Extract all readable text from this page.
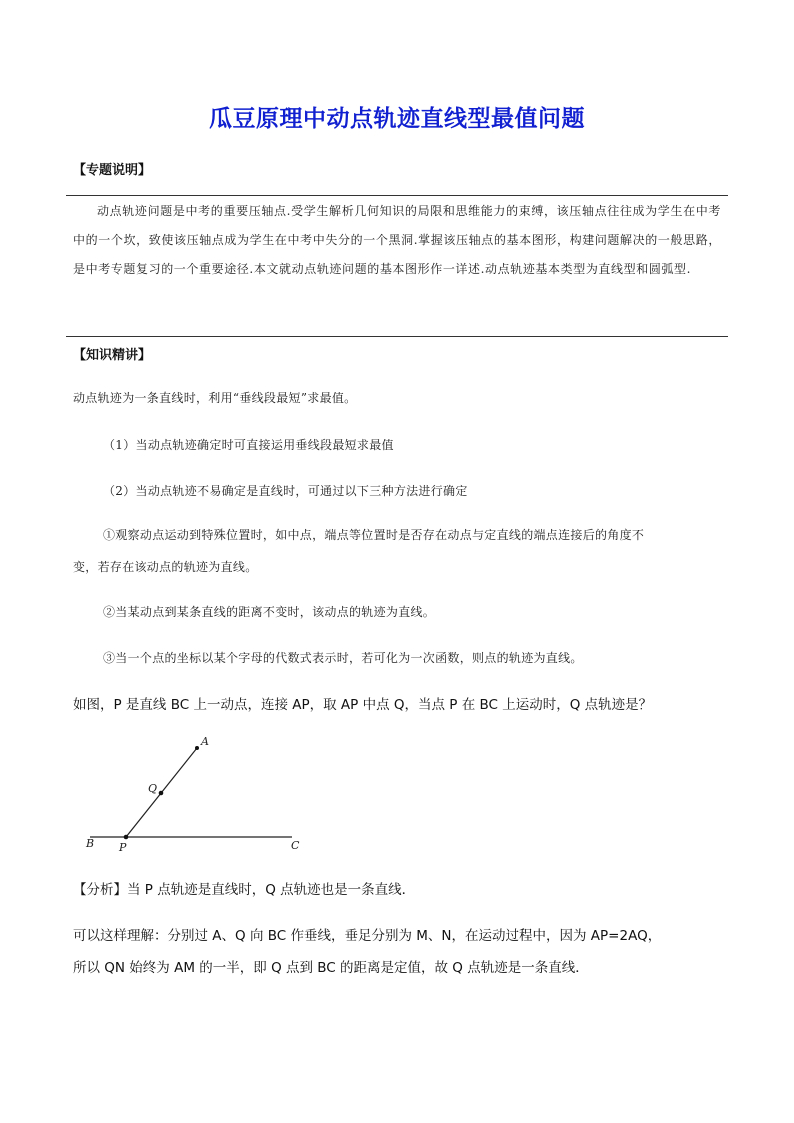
瓜豆原理中动点轨迹直线型最值问题
【专题说明】
动点轨迹问题是中考的重要压轴点.受学生解析几何知识的局限和思维能力的束缚，该压轴点往往成为学生在中考中的一个坎，致使该压轴点成为学生在中考中失分的一个黑洞.掌握该压轴点的基本图形，构建问题解决的一般思路，是中考专题复习的一个重要途径.本文就动点轨迹问题的基本图形作一详述.动点轨迹基本类型为直线型和圆弧型.
【知识精讲】
动点轨迹为一条直线时，利用“垂线段最短”求最值。
（1）当动点轨迹确定时可直接运用垂线段最短求最值
（2）当动点轨迹不易确定是直线时，可通过以下三种方法进行确定
①观察动点运动到特殊位置时，如中点，端点等位置时是否存在动点与定直线的端点连接后的角度不
变，若存在该动点的轨迹为直线。
②当某动点到某条直线的距离不变时，该动点的轨迹为直线。
③当一个点的坐标以某个字母的代数式表示时，若可化为一次函数，则点的轨迹为直线。
如图，P 是直线 BC 上一动点，连接 AP，取 AP 中点 Q，当点 P 在 BC 上运动时，Q 点轨迹是？
A
Q
B P	C
【分析】当 P 点轨迹是直线时，Q 点轨迹也是一条直线．
可以这样理解：分别过 A、Q 向 BC 作垂线，垂足分别为 M、N，在运动过程中，因为 AP=2AQ，
所以 QN 始终为 AM 的一半，即 Q 点到 BC 的距离是定值，故 Q 点轨迹是一条直线．
